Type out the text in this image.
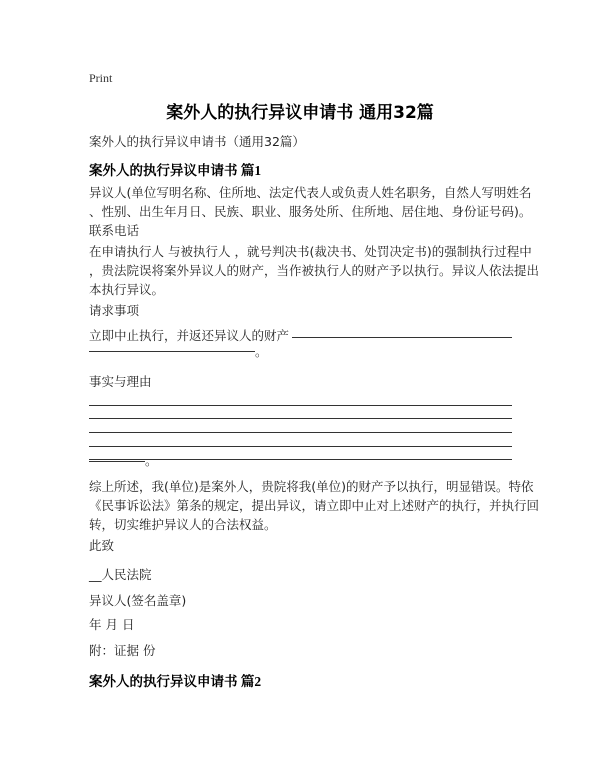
Print
案外人的执行异议申请书 通用32篇
案外人的执行异议申请书（通用32篇）
案外人的执行异议申请书 篇1
异议人(单位写明名称、住所地、法定代表人或负责人姓名职务，自然人写明姓名
、性别、出生年月日、民族、职业、服务处所、住所地、居住地、身份证号码)。
联系电话
在申请执行人 与被执行人 ，就号判决书(裁决书、处罚决定书)的强制执行过程中
，贵法院误将案外异议人的财产，当作被执行人的财产予以执行。异议人依法提出
本执行异议。
请求事项
立即中止执行，并返还异议人的财产
。
事实与理由
。
综上所述，我(单位)是案外人，贵院将我(单位)的财产予以执行，明显错误。特依
《民事诉讼法》第条的规定，提出异议，请立即中止对上述财产的执行，并执行回
转，切实维护异议人的合法权益。
此致
__人民法院
异议人(签名盖章)
年 月 日
附：证据 份
案外人的执行异议申请书 篇2
